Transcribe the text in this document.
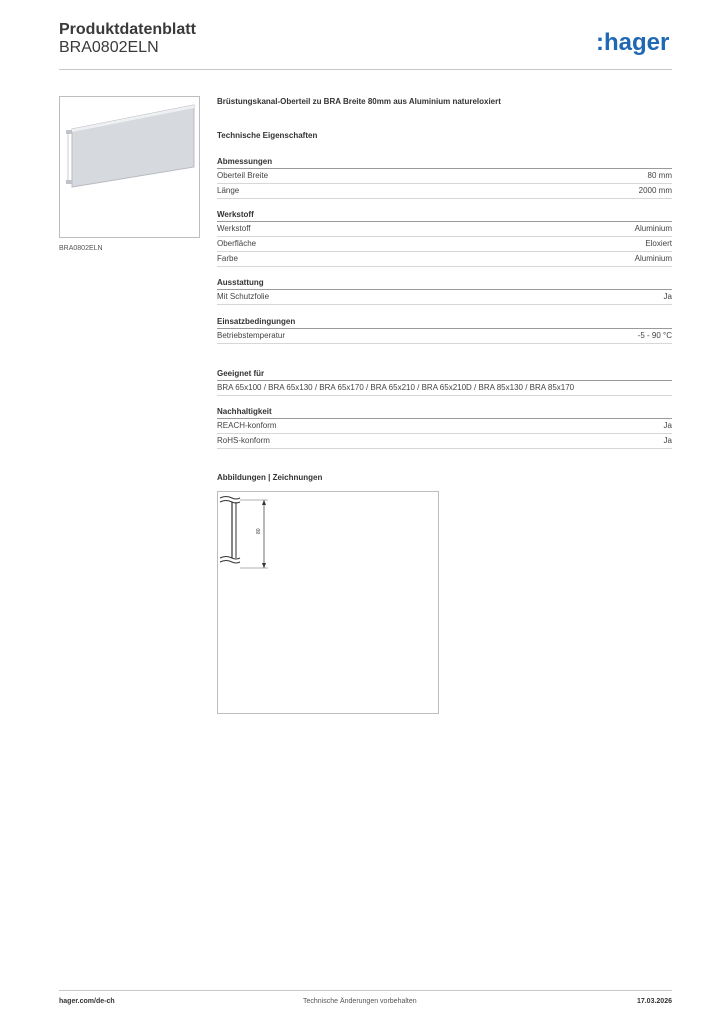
Produktdatenblatt
BRA0802ELN	:hager
BRA0802ELN
Brüstungskanal-Oberteil zu BRA Breite 80mm aus Aluminium natureloxiert
Technische Eigenschaften
Abmessungen
Oberteil Breite	80 mm
Länge	2000 mm
Werkstoff
Werkstoff	Aluminium
Oberfläche	Eloxiert
Farbe	Aluminium
Ausstattung
Mit Schutzfolie	Ja
Einsatzbedingungen
Betriebstemperatur	-5 - 90 °C
Geeignet für
BRA 65x100 / BRA 65x130 / BRA 65x170 / BRA 65x210 / BRA 65x210D / BRA 85x130 / BRA 85x170
Nachhaltigkeit
REACH-konform	Ja
RoHS-konform	Ja
Abbildungen | Zeichnungen
80
hager.com/de-ch	Technische Änderungen vorbehalten	17.03.2026
